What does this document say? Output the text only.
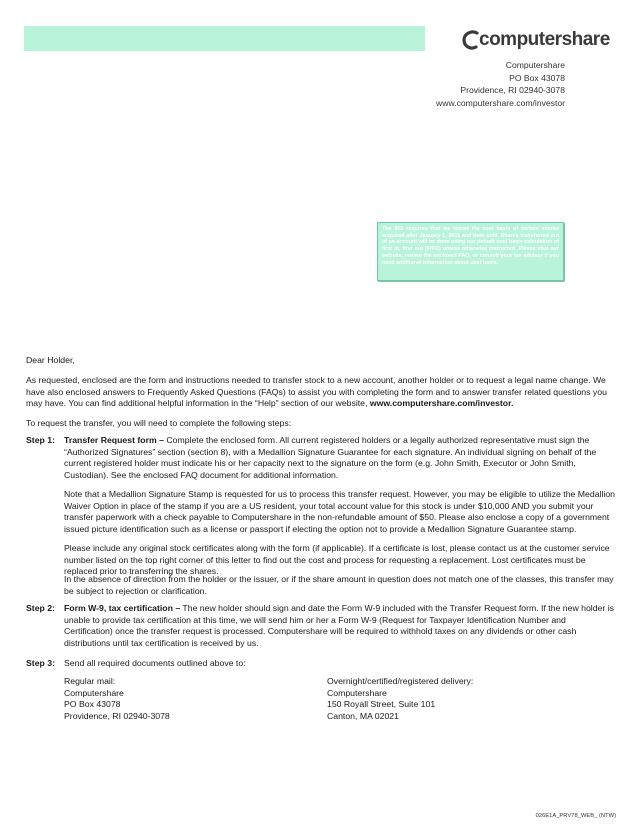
computershare
Computershare
PO Box 43078
Providence, RI 02940-3078
www.computershare.com/investor
The IRS requires that we report the cost basis of certain shares acquired after January 1, 2011 and then sold. Shares transferred out of an account will be done using our default cost basis calculation of first in, first out (FIFO) unless otherwise instructed. Please visit our website, review the enclosed FAQ, or consult your tax advisor if you need additional information about cost basis.
Dear Holder,
As requested, enclosed are the form and instructions needed to transfer stock to a new account, another holder or to request a legal name change. We have also enclosed answers to Frequently Asked Questions (FAQs) to assist you with completing the form and to answer transfer related questions you may have. You can find additional helpful information in the “Help” section of our website, www.computershare.com/investor.
To request the transfer, you will need to complete the following steps:
Step 1: Transfer Request form – Complete the enclosed form. All current registered holders or a legally authorized representative must sign the “Authorized Signatures” section (section 8), with a Medallion Signature Guarantee for each signature. An individual signing on behalf of the current registered holder must indicate his or her capacity next to the signature on the form (e.g. John Smith, Executor or John Smith, Custodian). See the enclosed FAQ document for additional information.
Note that a Medallion Signature Stamp is requested for us to process this transfer request. However, you may be eligible to utilize the Medallion Waiver Option in place of the stamp if you are a US resident, your total account value for this stock is under $10,000 AND you submit your transfer paperwork with a check payable to Computershare in the non-refundable amount of $50. Please also enclose a copy of a government issued picture identification such as a license or passport if electing the option not to provide a Medallion Signature Guarantee stamp.
Please include any original stock certificates along with the form (if applicable). If a certificate is lost, please contact us at the customer service number listed on the top right corner of this letter to find out the cost and process for requesting a replacement. Lost certificates must be replaced prior to transferring the shares.
In the absence of direction from the holder or the issuer, or if the share amount in question does not match one of the classes, this transfer may be subject to rejection or clarification.
Step 2: Form W-9, tax certification – The new holder should sign and date the Form W-9 included with the Transfer Request form. If the new holder is unable to provide tax certification at this time, we will send him or her a Form W-9 (Request for Taxpayer Identification Number and Certification) once the transfer request is processed. Computershare will be required to withhold taxes on any dividends or other cash distributions until tax certification is received by us.
Step 3: Send all required documents outlined above to:
Regular mail:
Computershare
PO Box 43078
Providence, RI 02940-3078
Overnight/certified/registered delivery:
Computershare
150 Royall Street, Suite 101
Canton, MA 02021
026E1A_PRV78_WEB_ (NTW)
